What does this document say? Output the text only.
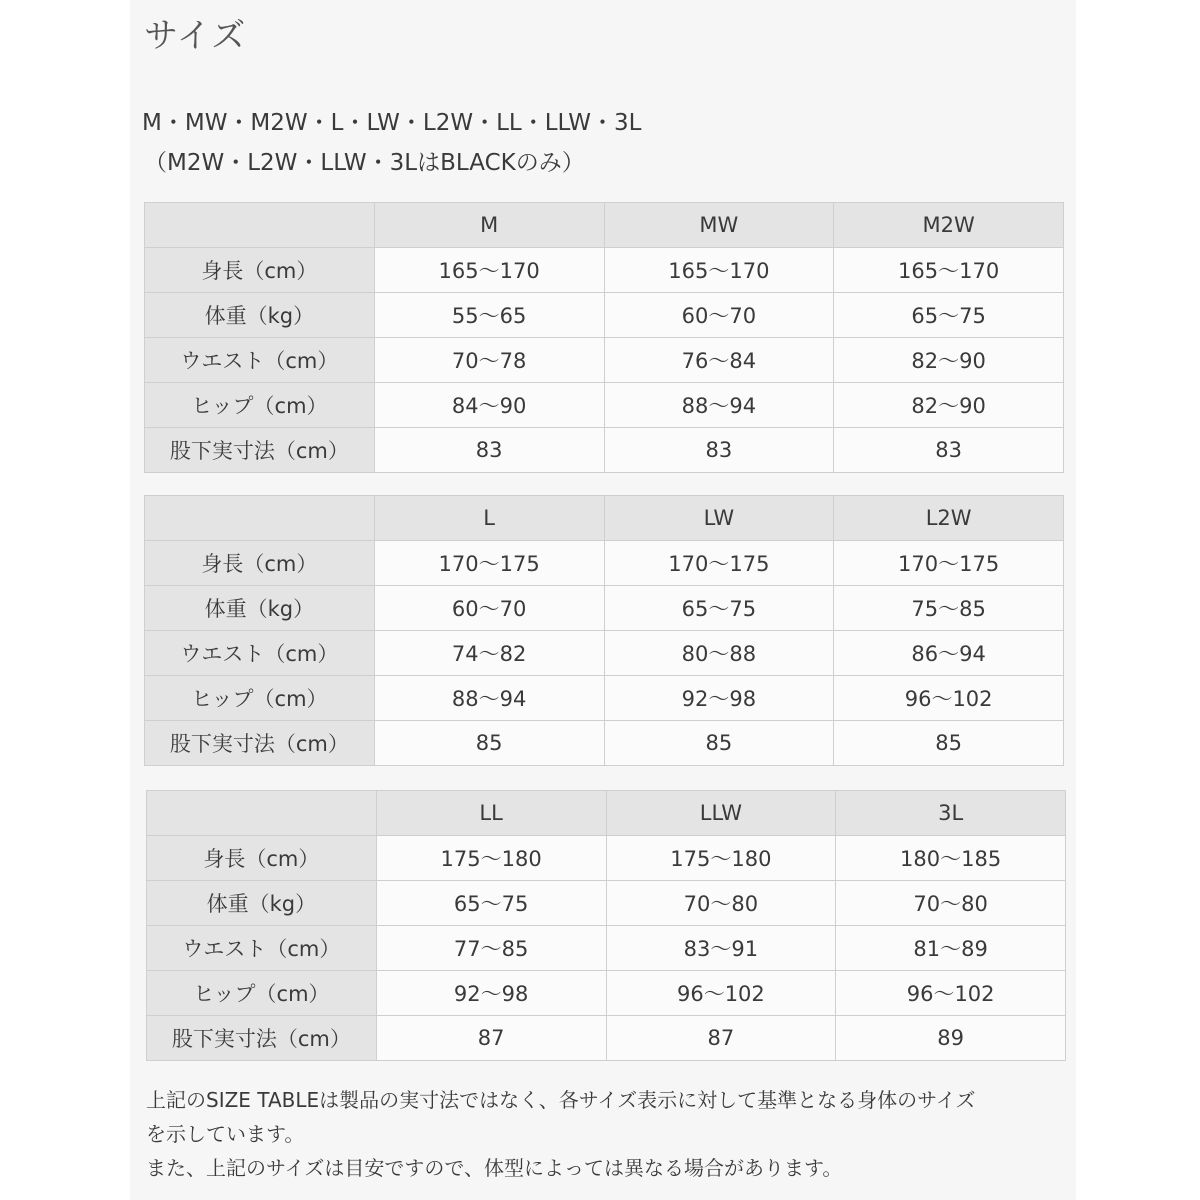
サイズ
M・MW・M2W・L・LW・L2W・LL・LLW・3L
（M2W・L2W・LLW・3LはBLACKのみ）
	M	MW	M2W
身長（cm）	165〜170	165〜170	165〜170
体重（kg）	55〜65	60〜70	65〜75
ウエスト（cm）	70〜78	76〜84	82〜90
ヒップ（cm）	84〜90	88〜94	82〜90
股下実寸法（cm）	83	83	83
	L	LW	L2W
身長（cm）	170〜175	170〜175	170〜175
体重（kg）	60〜70	65〜75	75〜85
ウエスト（cm）	74〜82	80〜88	86〜94
ヒップ（cm）	88〜94	92〜98	96〜102
股下実寸法（cm）	85	85	85
	LL	LLW	3L
身長（cm）	175〜180	175〜180	180〜185
体重（kg）	65〜75	70〜80	70〜80
ウエスト（cm）	77〜85	83〜91	81〜89
ヒップ（cm）	92〜98	96〜102	96〜102
股下実寸法（cm）	87	87	89
上記のSIZE TABLEは製品の実寸法ではなく、各サイズ表示に対して基準となる身体のサイズ
を示しています。
また、上記のサイズは目安ですので、体型によっては異なる場合があります。
